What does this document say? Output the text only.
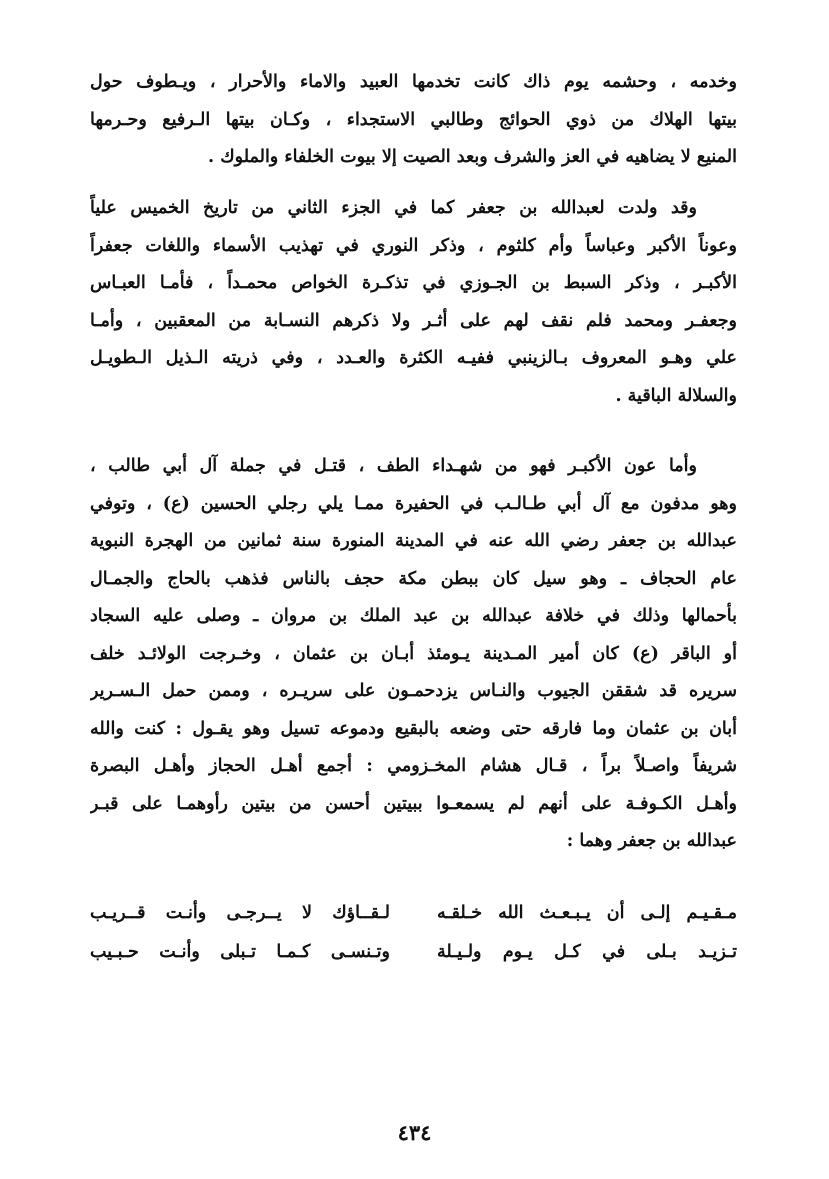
وخدمه ، وحشمه يوم ذاك كانت تخدمها العبيد والاماء والأحرار ، ويـطوف حول
بيتها الهلاك من ذوي الحوائج وطالبي الاستجداء ، وكـان بيتها الـرفيع وحـرمها
المنيع لا يضاهيه في العز والشرف وبعد الصيت إلا بيوت الخلفاء والملوك .
وقد ولدت لعبدالله بن جعفر كما في الجزء الثاني من تاريخ الخميس علياً
وعوناً الأكبر وعباساً وأم كلثوم ، وذكر النوري في تهذيب الأسماء واللغات جعفراً
الأكبـر ، وذكر السبط بن الجـوزي في تذكـرة الخواص محمـداً ، فأمـا العبـاس
وجعفـر ومحمد فلم نقف لهم على أثـر ولا ذكرهم النسـابة من المعقبين ، وأمـا
علي وهـو المعروف بـالزينبي ففيـه الكثرة والعـدد ، وفي ذريته الـذيل الـطويـل
والسلالة الباقية .
وأما عون الأكبـر فهو من شهـداء الطف ، قتـل في جملة آل أبي طالب ،
وهو مدفون مع آل أبي طـالـب في الحفيرة ممـا يلي رجلي الحسين (ع) ، وتوفي
عبدالله بن جعفر رضي الله عنه في المدينة المنورة سنة ثمانين من الهجرة النبوية
عام الحجاف ـ وهو سيل كان ببطن مكة حجف بالناس فذهب بالحاج والجمـال
بأحمالها وذلك في خلافة عبدالله بن عبد الملك بن مروان ـ وصلى عليه السجاد
أو الباقر (ع) كان أمير المـدينة يـومئذ أبـان بن عثمان ، وخـرجت الولائـد خلف
سريره قد شققن الجيوب والنـاس يزدحمـون على سريـره ، وممن حمل الـسـرير
أبان بن عثمان وما فارقه حتى وضعه بالبقيع ودموعه تسيل وهو يقـول : كنت والله
شريفاً واصـلاً براً ، قـال هشام المخـزومي : أجمع أهـل الحجاز وأهـل البصرة
وأهـل الكـوفـة على أنهم لم يسمعـوا ببيتين أحسن من بيتين رأوهمـا على قبـر
عبدالله بن جعفر وهما :
مـقـيـم إلـى أن يـبـعـث الله خـلقـه
لـقــاؤك لا يــرجـى وأنـت قــريـب
تـزيـد بـلى في كـل يـوم ولـيـلة
وتـنسـى كـمـا تـبلى وأنـت حـبـيب
٤٣٤
